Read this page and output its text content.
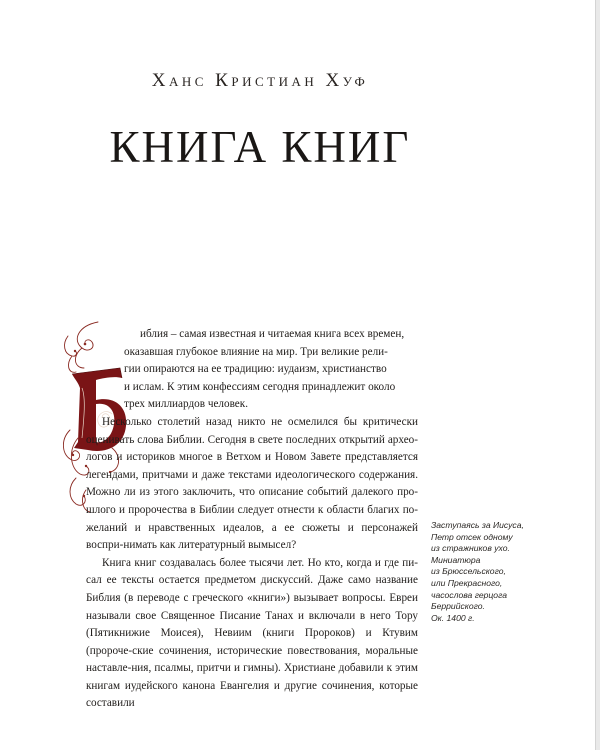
Ханс Кристиан Хуф
КНИГА КНИГ

иблия – самая известная и читаемая книга всех времен,

оказавшая глубокое влияние на мир. Три великие рели-

гии опираются на ее традицию: иудаизм, христианство

и ислам. К этим конфессиям сегодня принадлежит около

трех миллиардов человек.

Несколько столетий назад никто не осмелился бы критически оценивать слова Библии. Сегодня в свете последних открытий архео-логов и историков многое в Ветхом и Новом Завете представляется легендами, притчами и даже текстами идеологического содержания. Можно ли из этого заключить, что описание событий далекого про-шлого и пророчества в Библии следует отнести к области благих по-желаний и нравственных идеалов, а ее сюжеты и персонажей воспри-нимать как литературный вымысел?

Книга книг создавалась более тысячи лет. Но кто, когда и где пи-сал ее тексты остается предметом дискуссий. Даже само название Библия (в переводе с греческого «книги») вызывает вопросы. Евреи называли свое Священное Писание Танах и включали в него Тору (Пятикнижие Моисея), Невиим (книги Пророков) и Ктувим (пророче-ские сочинения, исторические повествования, моральные наставле-ния, псалмы, притчи и гимны). Христиане добавили к этим книгам иудейского канона Евангелия и другие сочинения, которые составили

Заступаясь за Иисуса,
Петр отсек одному
из стражников ухо.
Миниатюра
из Брюссельского,
или Прекрасного,
часослова герцога
Беррийского.
Ок. 1400 г.
